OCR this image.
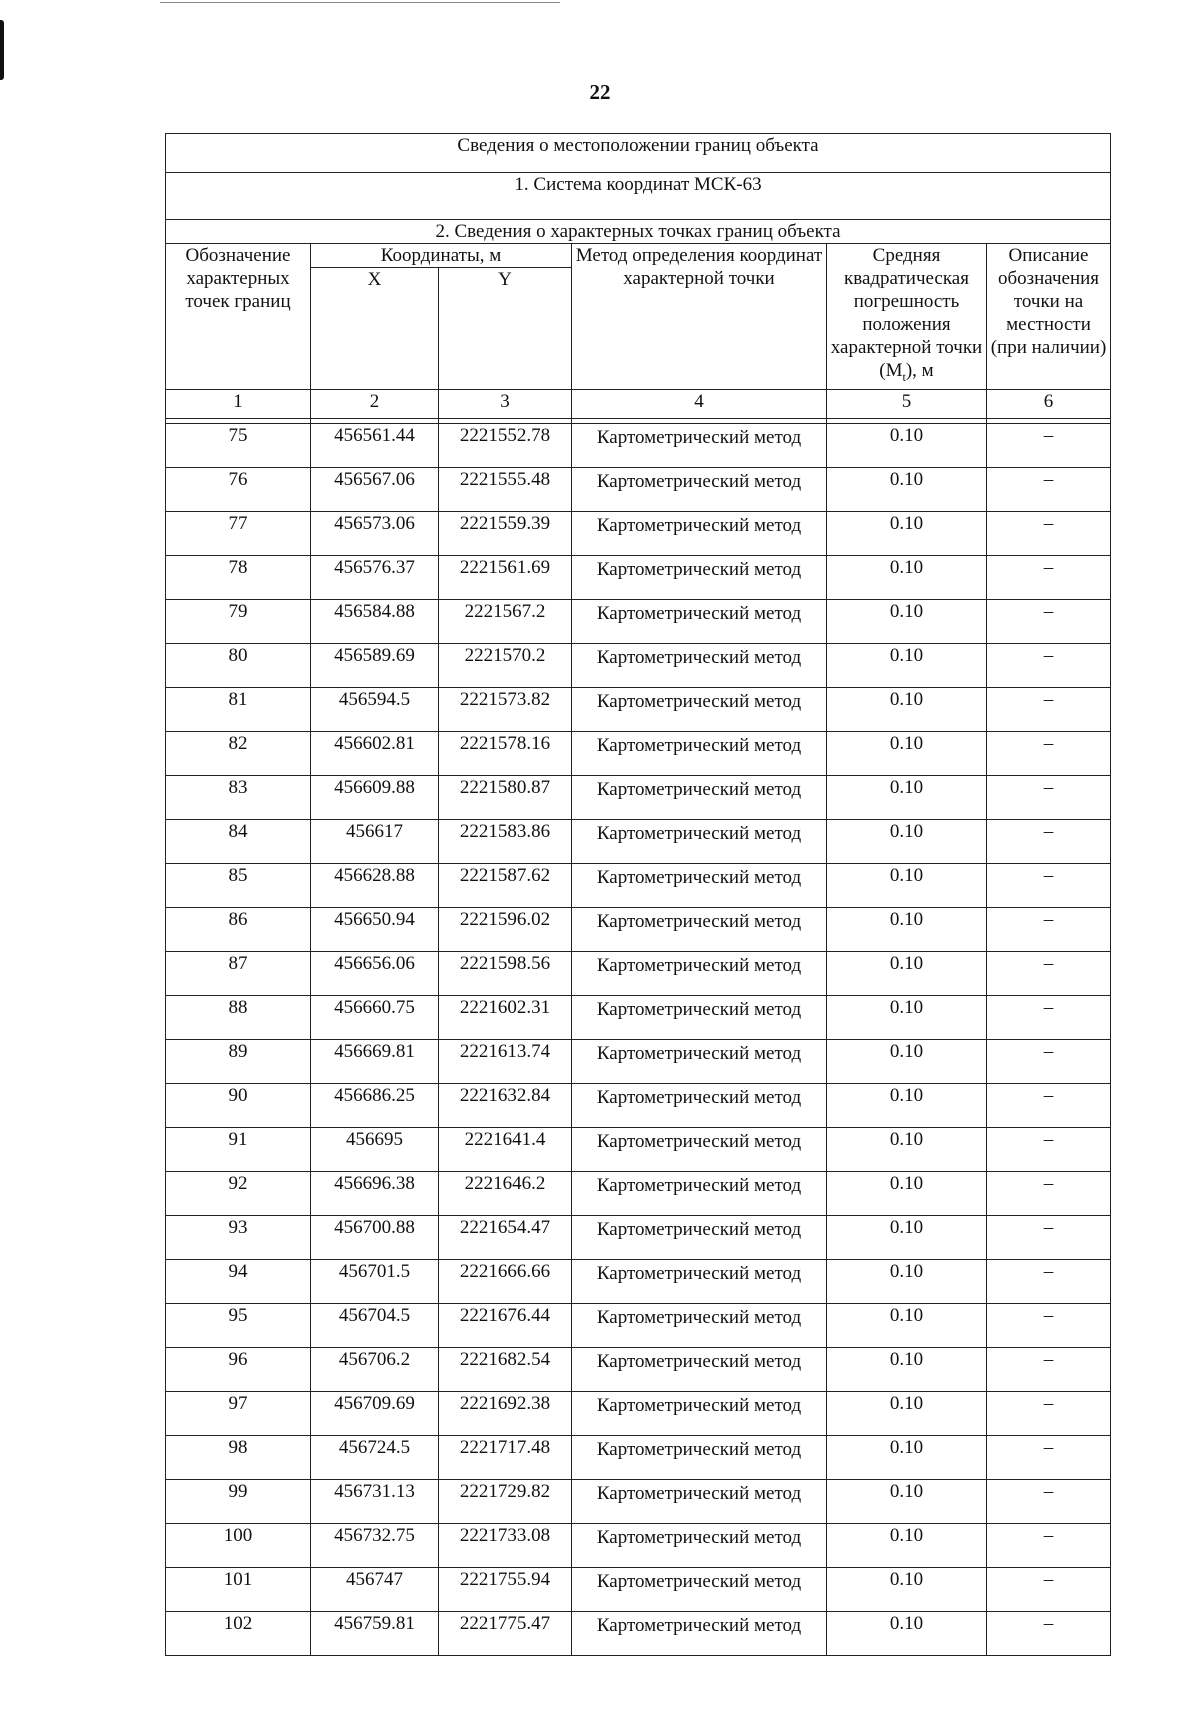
22
Сведения о местоположении границ объекта					
1. Система координат МСК-63					
2. Сведения о характерных точках границ объекта					
Обозначение характерных точек границ	Координаты, м		Метод определения координат характерной точки	Средняя квадратическая погрешность положения характерной точки $(M_t)$, м	Описание обозначения точки на местности (при наличии)
	X	Y			
1	2	3	4	5	6

75	456561.44	2221552.78	Картометрический метод	0.10	–
76	456567.06	2221555.48	Картометрический метод	0.10	–
77	456573.06	2221559.39	Картометрический метод	0.10	–
78	456576.37	2221561.69	Картометрический метод	0.10	–
79	456584.88	2221567.2	Картометрический метод	0.10	–
80	456589.69	2221570.2	Картометрический метод	0.10	–
81	456594.5	2221573.82	Картометрический метод	0.10	–
82	456602.81	2221578.16	Картометрический метод	0.10	–
83	456609.88	2221580.87	Картометрический метод	0.10	–
84	456617	2221583.86	Картометрический метод	0.10	–
85	456628.88	2221587.62	Картометрический метод	0.10	–
86	456650.94	2221596.02	Картометрический метод	0.10	–
87	456656.06	2221598.56	Картометрический метод	0.10	–
88	456660.75	2221602.31	Картометрический метод	0.10	–
89	456669.81	2221613.74	Картометрический метод	0.10	–
90	456686.25	2221632.84	Картометрический метод	0.10	–
91	456695	2221641.4	Картометрический метод	0.10	–
92	456696.38	2221646.2	Картометрический метод	0.10	–
93	456700.88	2221654.47	Картометрический метод	0.10	–
94	456701.5	2221666.66	Картометрический метод	0.10	–
95	456704.5	2221676.44	Картометрический метод	0.10	–
96	456706.2	2221682.54	Картометрический метод	0.10	–
97	456709.69	2221692.38	Картометрический метод	0.10	–
98	456724.5	2221717.48	Картометрический метод	0.10	–
99	456731.13	2221729.82	Картометрический метод	0.10	–
100	456732.75	2221733.08	Картометрический метод	0.10	–
101	456747	2221755.94	Картометрический метод	0.10	–
102	456759.81	2221775.47	Картометрический метод	0.10	–
